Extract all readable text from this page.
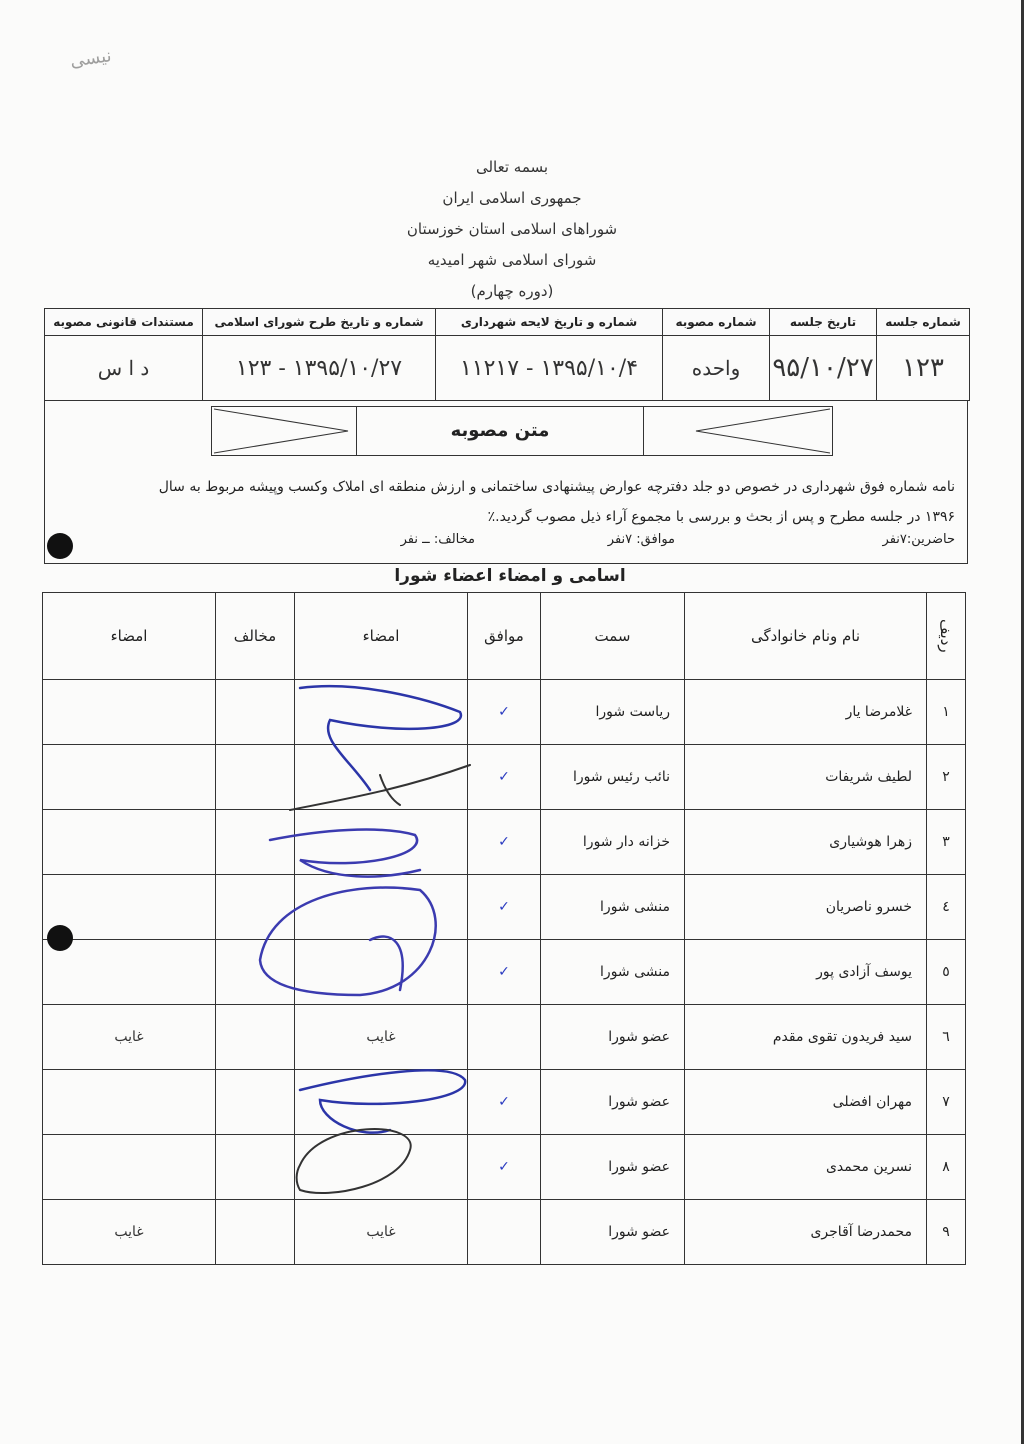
نیسی
بسمه تعالی
جمهوری اسلامی ایران
شوراهای اسلامی استان خوزستان
شورای اسلامی شهر امیدیه
(دوره چهارم)
شماره جلسه	تاریخ جلسه	شماره مصوبه	شماره و تاریخ لایحه شهرداری	شماره و تاریخ طرح شورای اسلامی	مستندات قانونی مصوبه
۱۲۳	۹۵/۱۰/۲۷	واحده	۱۳۹۵/۱۰/۴ - ۱۱۲۱۷	۱۳۹۵/۱۰/۲۷ - ۱۲۳	د ا س
متن مصوبه
نامه شماره فوق شهرداری در خصوص دو جلد دفترچه عوارض پیشنهادی ساختمانی و ارزش منطقه ای املاک وکسب وپیشه مربوط به سال
۱۳۹۶ در جلسه مطرح و پس از بحث و بررسی با مجموع آراء ذیل مصوب گردید.٪
حاضرین:۷نفر
موافق: ۷نفر
مخالف: ــ نفر
اسامی و امضاء اعضاء شورا
ردیف	نام ونام خانوادگی	سمت	موافق	امضاء	مخالف	امضاء
۱	غلامرضا یار	ریاست شورا	✓			
۲	لطیف شریفات	نائب رئیس شورا	✓			
۳	زهرا هوشیاری	خزانه دار شورا	✓			
٤	خسرو ناصریان	منشی شورا	✓			
٥	یوسف آزادی پور	منشی شورا	✓			
٦	سید فریدون تقوی مقدم	عضو شورا		غایب		غایب
۷	مهران افضلی	عضو شورا	✓			
۸	نسرین محمدی	عضو شورا	✓			
۹	محمدرضا آقاجری	عضو شورا		غایب		غایب
